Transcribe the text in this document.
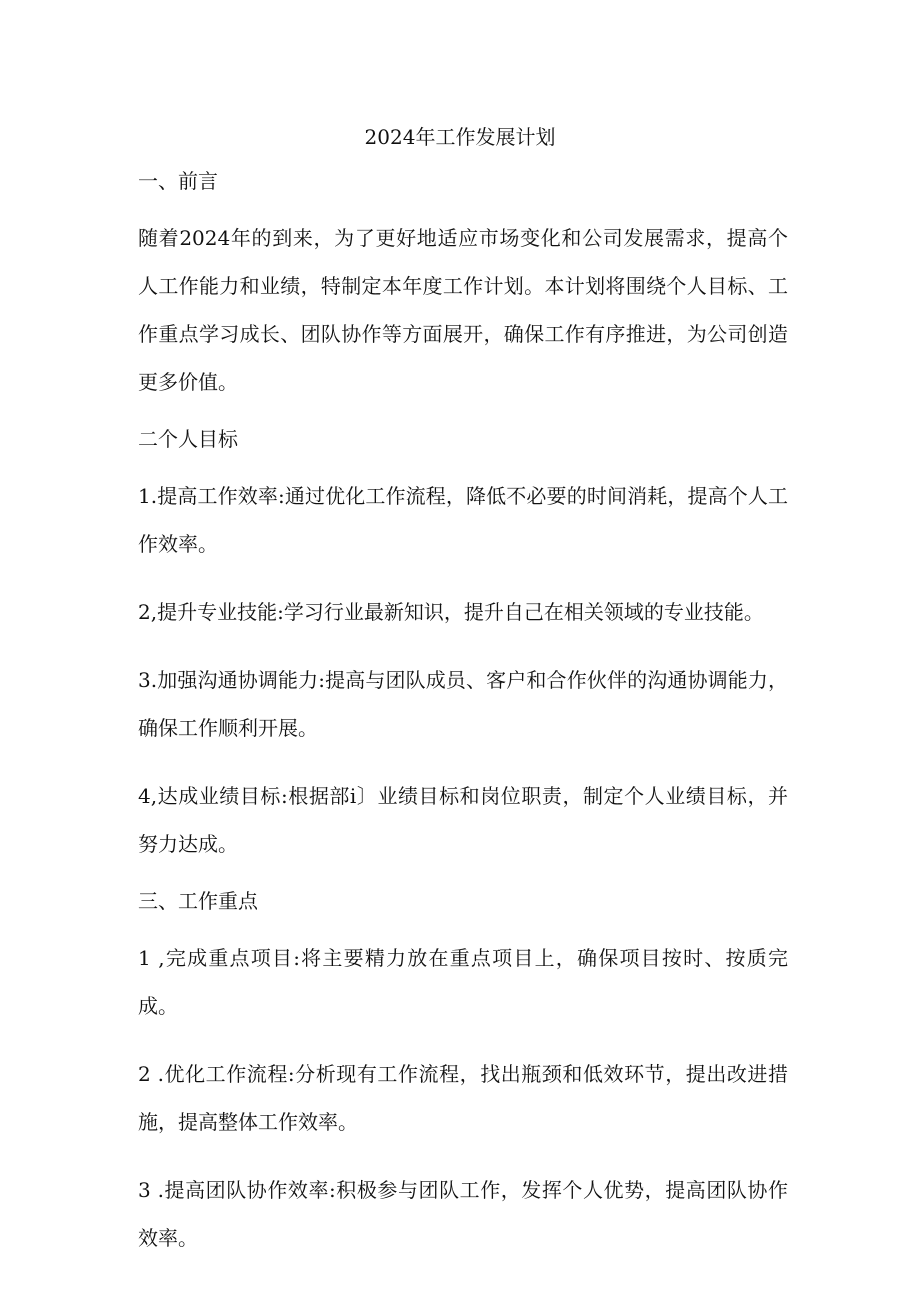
2024年工作发展计划
一、前言

随着2024年的到来，为了更好地适应市场变化和公司发展需求，提高个人工作能力和业绩，特制定本年度工作计划。本计划将围绕个人目标、工作重点学习成长、团队协作等方面展开，确保工作有序推进，为公司创造更多价值。

二个人目标

1.提高工作效率:通过优化工作流程，降低不必要的时间消耗，提高个人工作效率。

2,提升专业技能:学习行业最新知识，提升自己在相关领域的专业技能。

3.加强沟通协调能力:提高与团队成员、客户和合作伙伴的沟通协调能力，确保工作顺利开展。

4,达成业绩目标:根据部i〕业绩目标和岗位职责，制定个人业绩目标，并努力达成。

三、工作重点

1 ,完成重点项目:将主要精力放在重点项目上，确保项目按时、按质完成。

2 .优化工作流程:分析现有工作流程，找出瓶颈和低效环节，提出改进措施，提高整体工作效率。

3 .提高团队协作效率:积极参与团队工作，发挥个人优势，提高团队协作效率。
